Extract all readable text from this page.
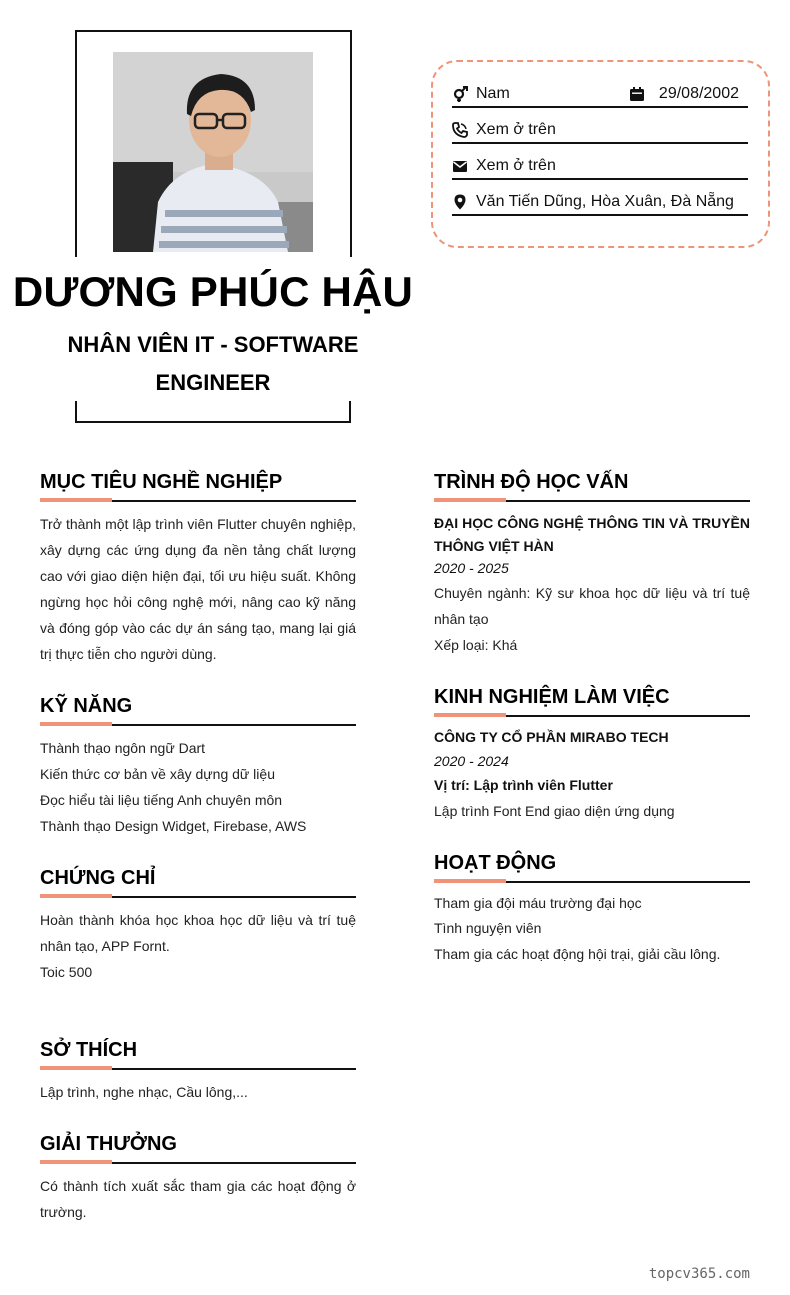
DƯƠNG PHÚC HẬU
NHÂN VIÊN IT - SOFTWARE
ENGINEER
Nam	29/08/2002
Xem ở trên
Xem ở trên
Văn Tiến Dũng, Hòa Xuân, Đà Nẵng
MỤC TIÊU NGHỀ NGHIỆP
Trở thành một lập trình viên Flutter chuyên nghiệp, xây dựng các ứng dụng đa nền tảng chất lượng cao với giao diện hiện đại, tối ưu hiệu suất. Không ngừng học hỏi công nghệ mới, nâng cao kỹ năng và đóng góp vào các dự án sáng tạo, mang lại giá trị thực tiễn cho người dùng.
KỸ NĂNG
Thành thạo ngôn ngữ Dart
Kiến thức cơ bản về xây dựng dữ liệu
Đọc hiểu tài liệu tiếng Anh chuyên môn
Thành thạo Design Widget, Firebase, AWS
CHỨNG CHỈ
Hoàn thành khóa học khoa học dữ liệu và trí tuệ nhân tạo, APP Fornt.
Toic 500
SỞ THÍCH
Lập trình, nghe nhạc, Cầu lông,...
GIẢI THƯỞNG
Có thành tích xuất sắc tham gia các hoạt động ở trường.
TRÌNH ĐỘ HỌC VẤN
ĐẠI HỌC CÔNG NGHỆ THÔNG TIN VÀ TRUYỀN THÔNG VIỆT HÀN
2020 - 2025
Chuyên ngành: Kỹ sư khoa học dữ liệu và trí tuệ nhân tạo
Xếp loại: Khá
KINH NGHIỆM LÀM VIỆC
CÔNG TY CỔ PHẦN MIRABO TECH
2020 - 2024
Vị trí: Lập trình viên Flutter
Lập trình Font End giao diện ứng dụng
HOẠT ĐỘNG
Tham gia đội máu trường đại học
Tình nguyện viên
Tham gia các hoạt động hội trại, giải cầu lông.
topcv365.com
